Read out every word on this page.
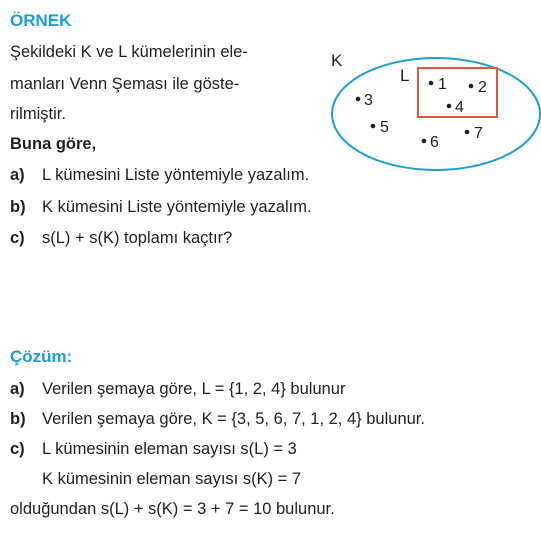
ÖRNEK
Şekildeki K ve L kümelerinin ele-
manları Venn Şeması ile göste-
rilmiştir.
Buna göre,
a) L kümesini Liste yöntemiyle yazalım.
b) K kümesini Liste yöntemiyle yazalım.
c) s(L) + s(K) toplamı kaçtır?
K
L
3
5
6
7
1 2
4
Çözüm:
a) Verilen şemaya göre, L = {1, 2, 4} bulunur
b) Verilen şemaya göre, K = {3, 5, 6, 7, 1, 2, 4} bulunur.
c) L kümesinin eleman sayısı s(L) = 3
K kümesinin eleman sayısı s(K) = 7
olduğundan s(L) + s(K) = 3 + 7 = 10 bulunur.
